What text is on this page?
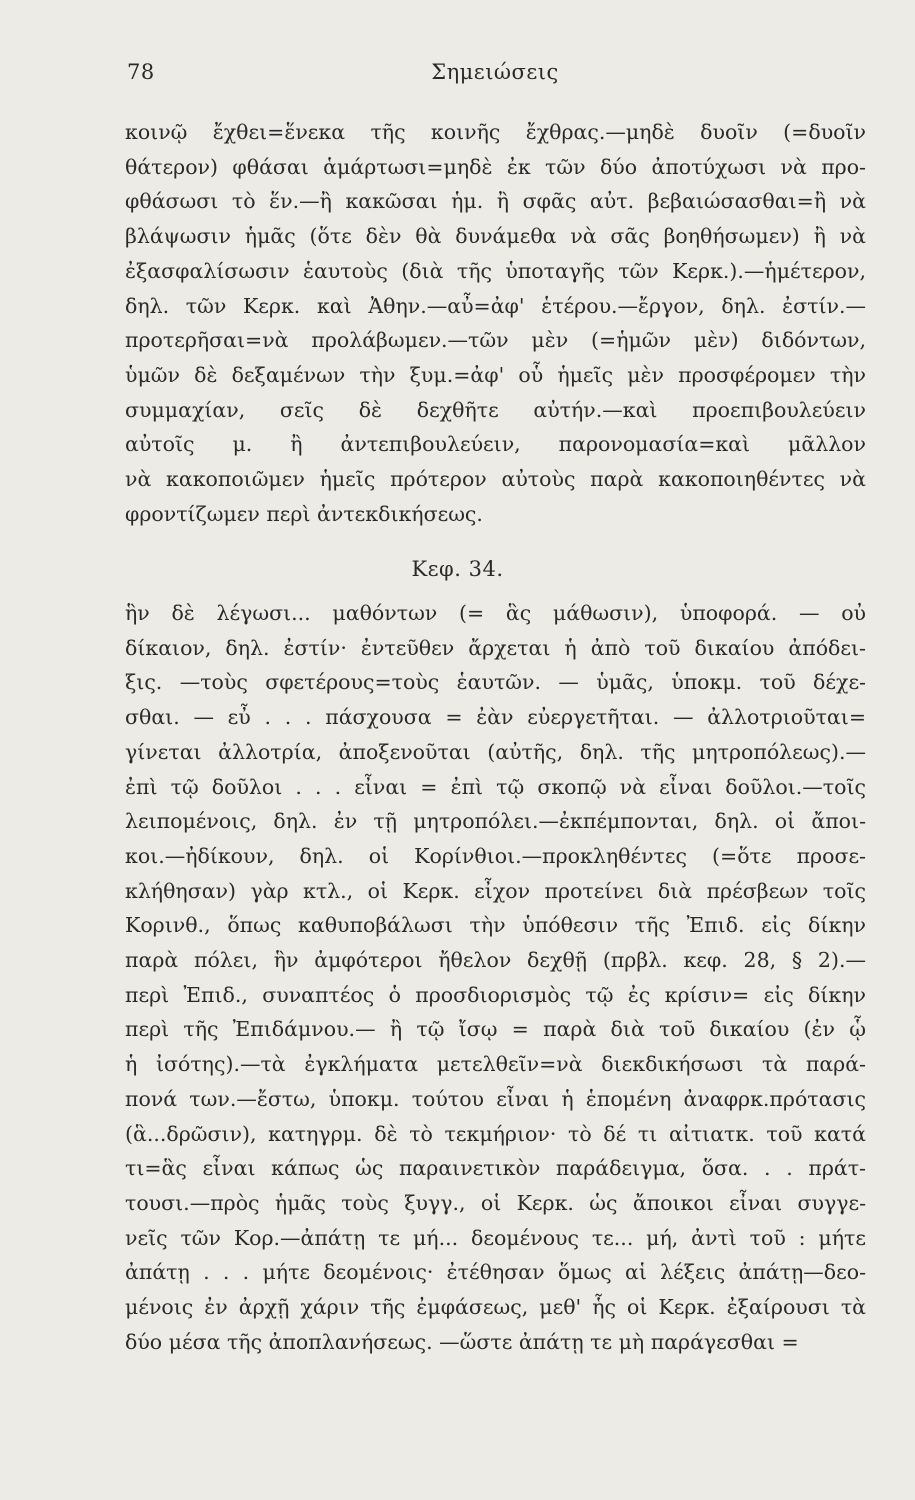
78	Σημειώσεις

κοινῷ ἔχθει=ἕνεκα τῆς κοινῆς ἔχθρας.—μηδὲ δυοῖν (=δυοῖν

θάτερον) φθάσαι ἁμάρτωσι=μηδὲ ἐκ τῶν δύο ἀποτύχωσι νὰ προ-

φθάσωσι τὸ ἕν.—ἢ κακῶσαι ἡμ. ἢ σφᾶς αὐτ. βεβαιώσασθαι=ἢ νὰ

βλάψωσιν ἡμᾶς (ὅτε δὲν θὰ δυνάμεθα νὰ σᾶς βοηθήσωμεν) ἢ νὰ

ἐξασφαλίσωσιν ἑαυτοὺς (διὰ τῆς ὑποταγῆς τῶν Κερκ.).—ἡμέτερον,

δηλ. τῶν Κερκ. καὶ Ἀθην.—αὖ=ἀφ' ἑτέρου.—ἔργον, δηλ. ἐστίν.—

προτερῆσαι=νὰ προλάβωμεν.—τῶν μὲν (=ἡμῶν μὲν) διδόντων,

ὑμῶν δὲ δεξαμένων τὴν ξυμ.=ἀφ' οὗ ἡμεῖς μὲν προσφέρομεν τὴν

συμμαχίαν, σεῖς δὲ δεχθῆτε αὐτήν.—καὶ προεπιβουλεύειν

αὐτοῖς μ. ἢ ἀντεπιβουλεύειν, παρονομασία=καὶ μᾶλλον

νὰ κακοποιῶμεν ἡμεῖς πρότερον αὐτοὺς παρὰ κακοποιηθέντες νὰ

φροντίζωμεν περὶ ἀντεκδικήσεως.

Κεφ. 34.

ἣν δὲ λέγωσι... μαθόντων (= ἃς μάθωσιν), ὑποφορά. — οὐ

δίκαιον, δηλ. ἐστίν· ἐντεῦθεν ἄρχεται ἡ ἀπὸ τοῦ δικαίου ἀπόδει-

ξις. —τοὺς σφετέρους=τοὺς ἑαυτῶν. — ὑμᾶς, ὑποκμ. τοῦ δέχε-

σθαι. — εὖ . . . πάσχουσα = ἐὰν εὐεργετῆται. — ἀλλοτριοῦται=

γίνεται ἀλλοτρία, ἀποξενοῦται (αὐτῆς, δηλ. τῆς μητροπόλεως).—

ἐπὶ τῷ δοῦλοι . . . εἶναι = ἐπὶ τῷ σκοπῷ νὰ εἶναι δοῦλοι.—τοῖς

λειπομένοις, δηλ. ἐν τῇ μητροπόλει.—ἐκπέμπονται, δηλ. οἱ ἄποι-

κοι.—ἠδίκουν, δηλ. οἱ Κορίνθιοι.—προκληθέντες (=ὅτε προσε-

κλήθησαν) γὰρ κτλ., οἱ Κερκ. εἶχον προτείνει διὰ πρέσβεων τοῖς

Κορινθ., ὅπως καθυποβάλωσι τὴν ὑπόθεσιν τῆς Ἐπιδ. εἰς δίκην

παρὰ πόλει, ἣν ἀμφότεροι ἤθελον δεχθῇ (πρβλ. κεφ. 28, § 2).—

περὶ Ἐπιδ., συναπτέος ὁ προσδιορισμὸς τῷ ἐς κρίσιν= εἰς δίκην

περὶ τῆς Ἐπιδάμνου.— ἢ τῷ ἴσῳ = παρὰ διὰ τοῦ δικαίου (ἐν ᾧ

ἡ ἰσότης).—τὰ ἐγκλήματα μετελθεῖν=νὰ διεκδικήσωσι τὰ παρά-

πονά των.—ἔστω, ὑποκμ. τούτου εἶναι ἡ ἑπομένη ἀναφρκ.πρότασις

(ἃ...δρῶσιν), κατηγρμ. δὲ τὸ τεκμήριον· τὸ δέ τι αἰτιατκ. τοῦ κατά

τι=ἃς εἶναι κάπως ὡς παραινετικὸν παράδειγμα, ὅσα. . . πράτ-

τουσι.—πρὸς ἡμᾶς τοὺς ξυγγ., οἱ Κερκ. ὡς ἄποικοι εἶναι συγγε-

νεῖς τῶν Κορ.—ἀπάτῃ τε μή... δεομένους τε... μή, ἀντὶ τοῦ : μήτε

ἀπάτῃ . . . μήτε δεομένοις· ἐτέθησαν ὅμως αἱ λέξεις ἀπάτῃ—δεο-

μένοις ἐν ἀρχῇ χάριν τῆς ἐμφάσεως, μεθ' ἧς οἱ Κερκ. ἐξαίρουσι τὰ

δύο μέσα τῆς ἀποπλανήσεως. —ὥστε ἀπάτῃ τε μὴ παράγεσθαι =
